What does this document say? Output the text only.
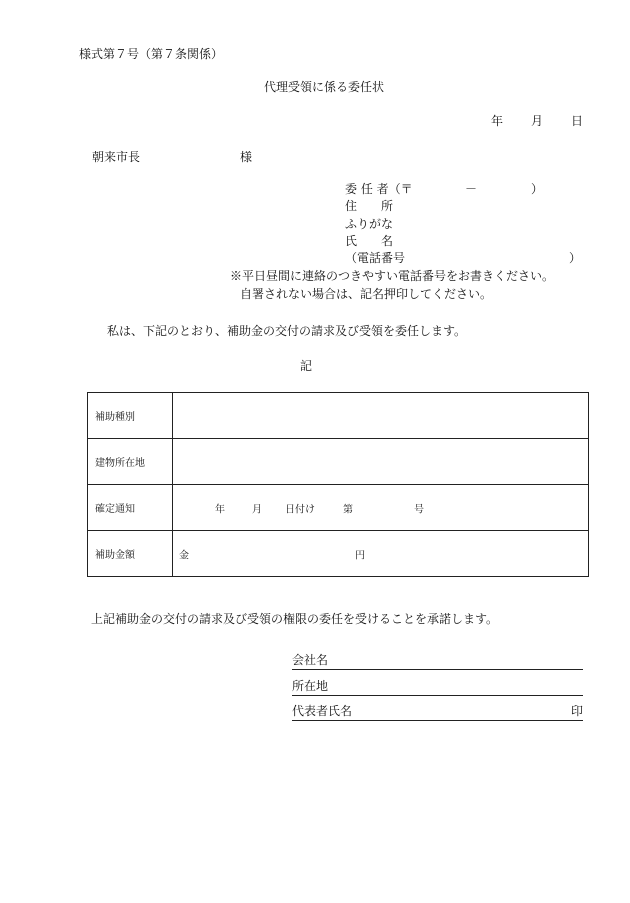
様式第７号（第７条関係）
代理受領に係る委任状
年 月 日
朝来市長	様
委 任 者（〒	－	）
住　　所
ふりがな
氏　　名
（電話番号	）
※平日昼間に連絡のつきやすい電話番号をお書きください。
自署されない場合は、記名押印してください。
私は、下記のとおり、補助金の交付の請求及び受領を委任します。
記
補助種別	
建物所在地	
確定通知	年 月 日付け 第 号

補助金額	金 円
上記補助金の交付の請求及び受領の権限の委任を受けることを承諾します。
会社名
所在地
代表者氏名	印
